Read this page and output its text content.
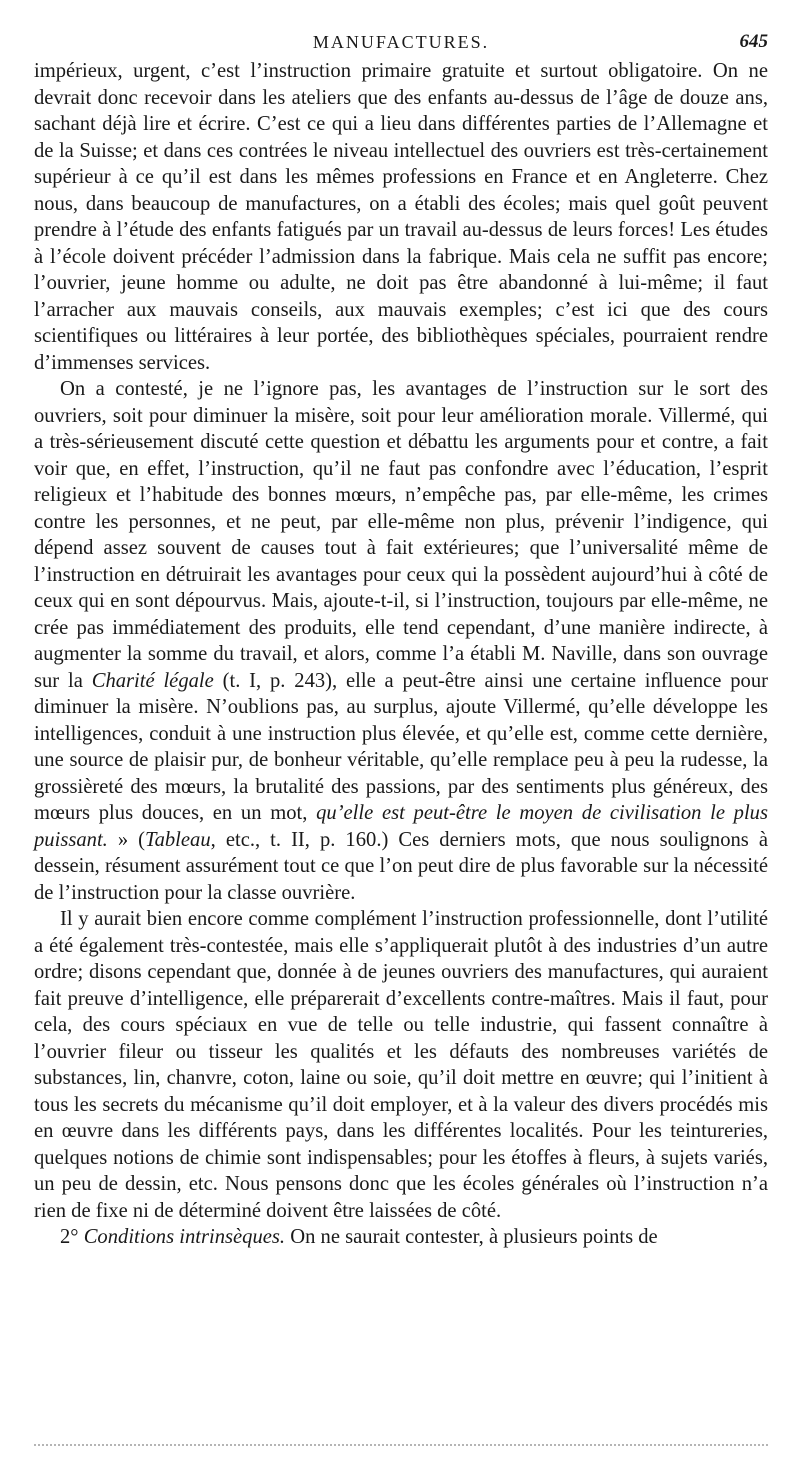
MANUFACTURES.	645

impérieux, urgent, c’est l’instruction primaire gratuite et surtout obligatoire. On ne devrait donc recevoir dans les ateliers que des enfants au-dessus de l’âge de douze ans, sachant déjà lire et écrire. C’est ce qui a lieu dans différentes parties de l’Allemagne et de la Suisse; et dans ces contrées le niveau intellectuel des ouvriers est très-certainement supérieur à ce qu’il est dans les mêmes professions en France et en Angleterre. Chez nous, dans beaucoup de manufactures, on a établi des écoles; mais quel goût peuvent prendre à l’étude des enfants fatigués par un travail au-dessus de leurs forces! Les études à l’école doivent précéder l’admission dans la fabrique. Mais cela ne suffit pas encore; l’ouvrier, jeune homme ou adulte, ne doit pas être abandonné à lui-même; il faut l’arracher aux mauvais conseils, aux mauvais exemples; c’est ici que des cours scientifiques ou littéraires à leur portée, des bibliothèques spéciales, pourraient rendre d’immenses services.

On a contesté, je ne l’ignore pas, les avantages de l’instruction sur le sort des ouvriers, soit pour diminuer la misère, soit pour leur amélioration morale. Villermé, qui a très-sérieusement discuté cette question et débattu les arguments pour et contre, a fait voir que, en effet, l’instruction, qu’il ne faut pas confondre avec l’éducation, l’esprit religieux et l’habitude des bonnes mœurs, n’empêche pas, par elle-même, les crimes contre les personnes, et ne peut, par elle-même non plus, prévenir l’indigence, qui dépend assez souvent de causes tout à fait extérieures; que l’universalité même de l’instruction en détruirait les avantages pour ceux qui la possèdent aujourd’hui à côté de ceux qui en sont dépourvus. Mais, ajoute-t-il, si l’instruction, toujours par elle-même, ne crée pas immédiatement des produits, elle tend cependant, d’une manière indirecte, à augmenter la somme du travail, et alors, comme l’a établi M. Naville, dans son ouvrage sur la Charité légale (t. I, p. 243), elle a peut-être ainsi une certaine influence pour diminuer la misère. N’oublions pas, au surplus, ajoute Villermé, qu’elle développe les intelligences, conduit à une instruction plus élevée, et qu’elle est, comme cette dernière, une source de plaisir pur, de bonheur véritable, qu’elle remplace peu à peu la rudesse, la grossièreté des mœurs, la brutalité des passions, par des sentiments plus généreux, des mœurs plus douces, en un mot, qu’elle est peut-être le moyen de civilisation le plus puissant. » (Tableau, etc., t. II, p. 160.) Ces derniers mots, que nous soulignons à dessein, résument assurément tout ce que l’on peut dire de plus favorable sur la nécessité de l’instruction pour la classe ouvrière.

Il y aurait bien encore comme complément l’instruction professionnelle, dont l’utilité a été également très-contestée, mais elle s’appliquerait plutôt à des industries d’un autre ordre; disons cependant que, donnée à de jeunes ouvriers des manufactures, qui auraient fait preuve d’intelligence, elle préparerait d’excellents contre-maîtres. Mais il faut, pour cela, des cours spéciaux en vue de telle ou telle industrie, qui fassent connaître à l’ouvrier fileur ou tisseur les qualités et les défauts des nombreuses variétés de substances, lin, chanvre, coton, laine ou soie, qu’il doit mettre en œuvre; qui l’initient à tous les secrets du mécanisme qu’il doit employer, et à la valeur des divers procédés mis en œuvre dans les différents pays, dans les différentes localités. Pour les teintureries, quelques notions de chimie sont indispensables; pour les étoffes à fleurs, à sujets variés, un peu de dessin, etc. Nous pensons donc que les écoles générales où l’instruction n’a rien de fixe ni de déterminé doivent être laissées de côté.

2° Conditions intrinsèques. On ne saurait contester, à plusieurs points de
